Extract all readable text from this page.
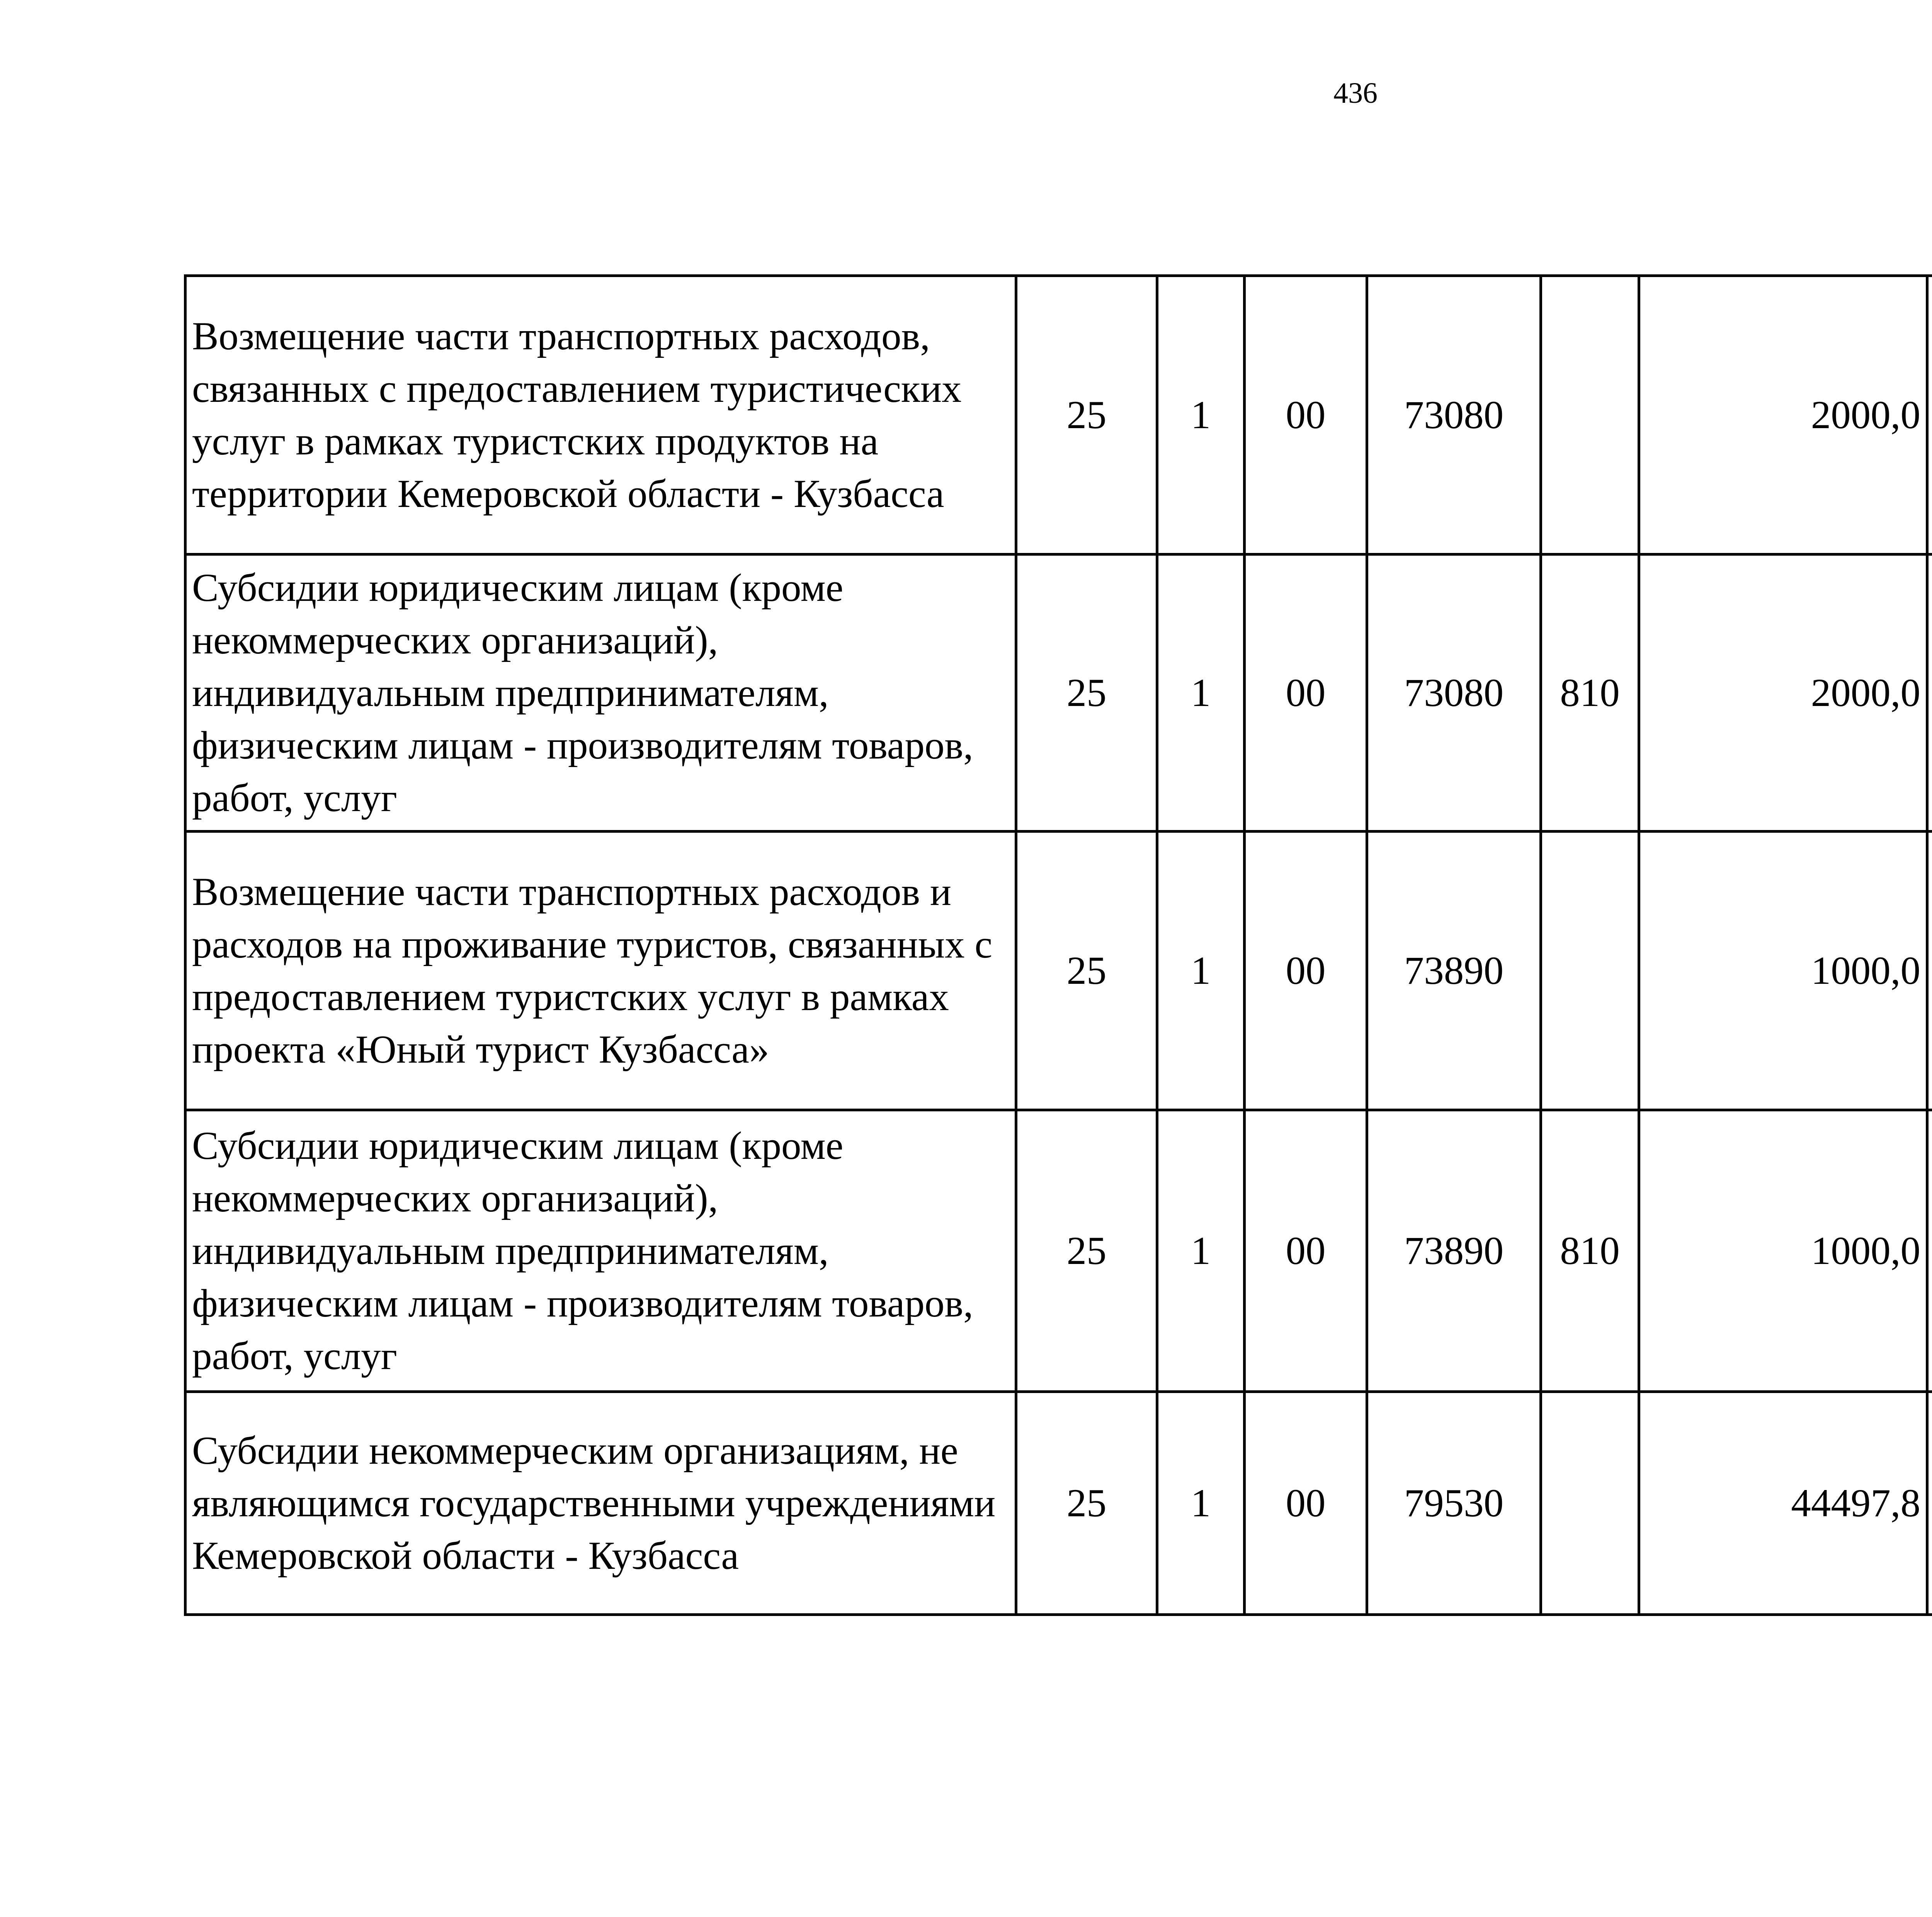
436
Возмещение части транспортных расходов, связанных с предоставлением туристических услуг в рамках туристских продуктов на территории Кемеровской области - Кузбасса	25	1	00	73080		2000,0		
Субсидии юридическим лицам (кроме некоммерческих организаций), индивидуальным предпринимателям, физическим лицам - производителям товаров, работ, услуг	25	1	00	73080	810	2000,0		
Возмещение части транспортных расходов и расходов на проживание туристов, связанных с предоставлением туристских услуг в рамках проекта «Юный турист Кузбасса»	25	1	00	73890		1000,0		
Субсидии юридическим лицам (кроме некоммерческих организаций), индивидуальным предпринимателям, физическим лицам - производителям товаров, работ, услуг	25	1	00	73890	810	1000,0		
Субсидии некоммерческим организациям, не являющимся государственными учреждениями Кемеровской области - Кузбасса	25	1	00	79530		44497,8		
